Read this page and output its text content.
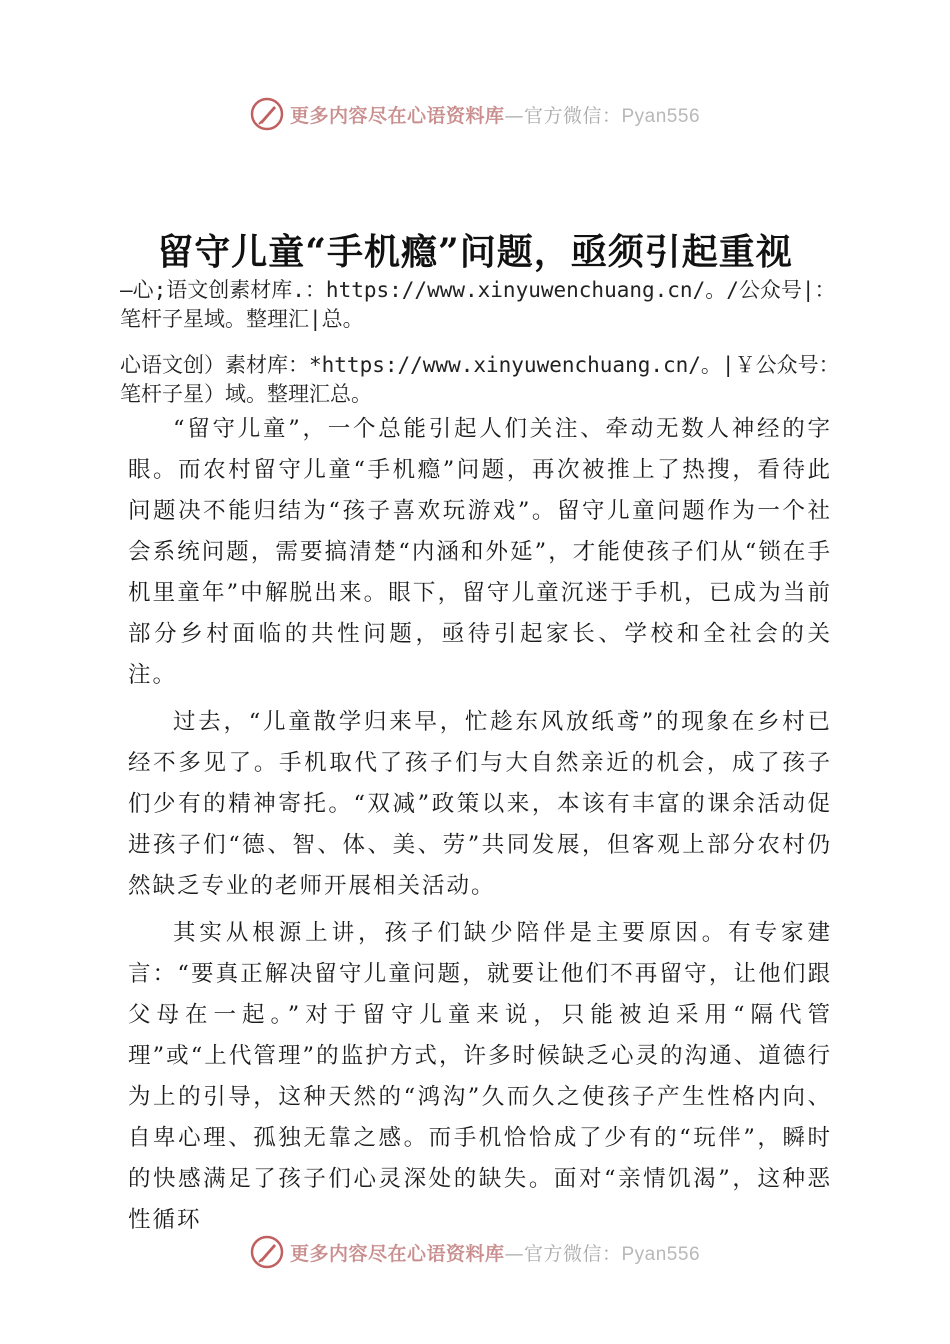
更多内容尽在心语资料库—官方微信：Pyan556
留守儿童“手机瘾”问题，亟须引起重视

—心;语文创素材库.：https://www.xinyuwenchuang.cn/。/公众号|：笔杆子星域。整理汇|总。

心语文创）素材库：*https://www.xinyuwenchuang.cn/。|￥公众号：笔杆子星）域。整理汇总。

“留守儿童”，一个总能引起人们关注、牵动无数人神经的字眼。而农村留守儿童“手机瘾”问题，再次被推上了热搜，看待此 问题决不能归结为“孩子喜欢玩游戏”。留守儿童问题作为一个社会系统问题，需要搞清楚“内涵和外延”，才能使孩子们从“锁在手机里童年”中解脱出来。眼下，留守儿童沉迷于手机，已成为当前部分乡村面临的共性问题，亟待引起家长、学校和全社会的关注。

过去，“儿童散学归来早，忙趁东风放纸鸢”的现象在乡村已经不多见了。手机取代了孩子们与大自然亲近的机会，成了孩子们少有的精神寄托。“双减”政策以来，本该有丰富的课余活动促进孩子们“德、智、体、美、劳”共同发展，但客观上部分农村仍然缺乏专业的老师开展相关活动。

其实从根源上讲，孩子们缺少陪伴是主要原因。有专家建言：“要真正解决留守儿童问题，就要让他们不再留守，让他们跟父母在一起。”对于留守儿童来说，只能被迫采用“隔代管理”或“上代管理”的监护方式，许多时候缺乏心灵的沟通、道德行为上的引导，这种天然的“鸿沟”久而久之使孩子产生性格内向、自卑心理、孤独无靠之感。而手机恰恰成了少有的“玩伴”，瞬时的快感满足了孩子们心灵深处的缺失。面对“亲情饥渴”，这种恶性循环

更多内容尽在心语资料库—官方微信：Pyan556
